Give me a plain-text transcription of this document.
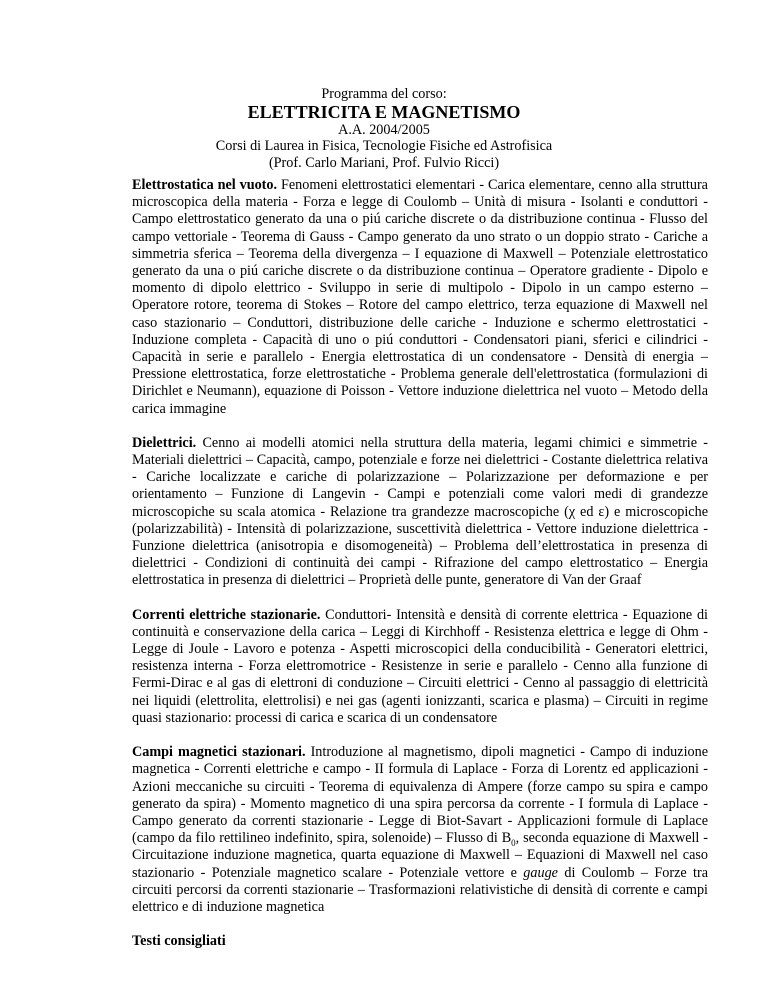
Programma del corso:
ELETTRICITA E MAGNETISMO
A.A. 2004/2005
Corsi di Laurea in Fisica, Tecnologie Fisiche ed Astrofisica
(Prof. Carlo Mariani, Prof. Fulvio Ricci)

Elettrostatica nel vuoto. Fenomeni elettrostatici elementari - Carica elementare, cenno alla struttura microscopica della materia - Forza e legge di Coulomb – Unità di misura - Isolanti e conduttori - Campo elettrostatico generato da una o piú cariche discrete o da distribuzione continua - Flusso del campo vettoriale - Teorema di Gauss - Campo generato da uno strato o un doppio strato - Cariche a simmetria sferica – Teorema della divergenza – I equazione di Maxwell – Potenziale elettrostatico generato da una o piú cariche discrete o da distribuzione continua – Operatore gradiente - Dipolo e momento di dipolo elettrico - Sviluppo in serie di multipolo - Dipolo in un campo esterno – Operatore rotore, teorema di Stokes – Rotore del campo elettrico, terza equazione di Maxwell nel caso stazionario – Conduttori, distribuzione delle cariche - Induzione e schermo elettrostatici - Induzione completa - Capacità di uno o piú conduttori - Condensatori piani, sferici e cilindrici - Capacità in serie e parallelo - Energia elettrostatica di un condensatore - Densità di energia – Pressione elettrostatica, forze elettrostatiche - Problema generale dell'elettrostatica (formulazioni di Dirichlet e Neumann), equazione di Poisson - Vettore induzione dielettrica nel vuoto – Metodo della carica immagine

Dielettrici. Cenno ai modelli atomici nella struttura della materia, legami chimici e simmetrie - Materiali dielettrici – Capacità, campo, potenziale e forze nei dielettrici - Costante dielettrica relativa - Cariche localizzate e cariche di polarizzazione – Polarizzazione per deformazione e per orientamento – Funzione di Langevin - Campi e potenziali come valori medi di grandezze microscopiche su scala atomica - Relazione tra grandezze macroscopiche (χ ed ε) e microscopiche (polarizzabilità) - Intensità di polarizzazione, suscettività dielettrica - Vettore induzione dielettrica - Funzione dielettrica (anisotropia e disomogeneità) – Problema dell’elettrostatica in presenza di dielettrici - Condizioni di continuità dei campi - Rifrazione del campo elettrostatico – Energia elettrostatica in presenza di dielettrici – Proprietà delle punte, generatore di Van der Graaf

Correnti elettriche stazionarie. Conduttori- Intensità e densità di corrente elettrica - Equazione di continuità e conservazione della carica – Leggi di Kirchhoff - Resistenza elettrica e legge di Ohm - Legge di Joule - Lavoro e potenza - Aspetti microscopici della conducibilità - Generatori elettrici, resistenza interna - Forza elettromotrice - Resistenze in serie e parallelo - Cenno alla funzione di Fermi-Dirac e al gas di elettroni di conduzione – Circuiti elettrici - Cenno al passaggio di elettricità nei liquidi (elettrolita, elettrolisi) e nei gas (agenti ionizzanti, scarica e plasma) – Circuiti in regime quasi stazionario: processi di carica e scarica di un condensatore

Campi magnetici stazionari. Introduzione al magnetismo, dipoli magnetici - Campo di induzione magnetica - Correnti elettriche e campo - II formula di Laplace - Forza di Lorentz ed applicazioni - Azioni meccaniche su circuiti - Teorema di equivalenza di Ampere (forze campo su spira e campo generato da spira) - Momento magnetico di una spira percorsa da corrente - I formula di Laplace - Campo generato da correnti stazionarie - Legge di Biot-Savart - Applicazioni formule di Laplace (campo da filo rettilineo indefinito, spira, solenoide) – Flusso di $B_0$, seconda equazione di Maxwell - Circuitazione induzione magnetica, quarta equazione di Maxwell – Equazioni di Maxwell nel caso stazionario - Potenziale magnetico scalare - Potenziale vettore e gauge di Coulomb – Forze tra circuiti percorsi da correnti stazionarie – Trasformazioni relativistiche di densità di corrente e campi elettrico e di induzione magnetica

Testi consigliati
